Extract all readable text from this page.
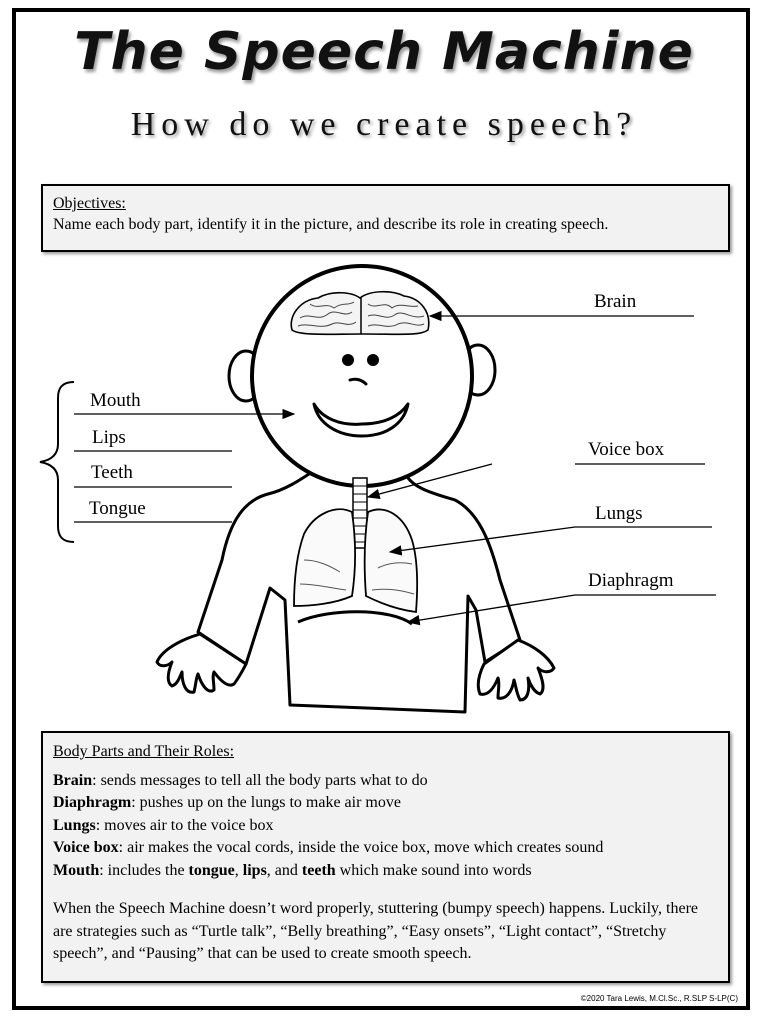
The Speech Machine
How do we create speech?
Objectives:
Name each body part, identify it in the picture, and describe its role in creating speech.
Mouth
Lips
Teeth
Tongue
Brain
Voice box
Lungs
Diaphragm
Body Parts and Their Roles:
Brain: sends messages to tell all the body parts what to do
Diaphragm: pushes up on the lungs to make air move
Lungs: moves air to the voice box
Voice box: air makes the vocal cords, inside the voice box, move which creates sound
Mouth: includes the tongue, lips, and teeth which make sound into words
When the Speech Machine doesn’t word properly, stuttering (bumpy speech) happens. Luckily, there are strategies such as “Turtle talk”, “Belly breathing”, “Easy onsets”, “Light contact”, “Stretchy speech”, and “Pausing” that can be used to create smooth speech.
©2020 Tara Lewis, M.Cl.Sc., R.SLP S-LP(C)
